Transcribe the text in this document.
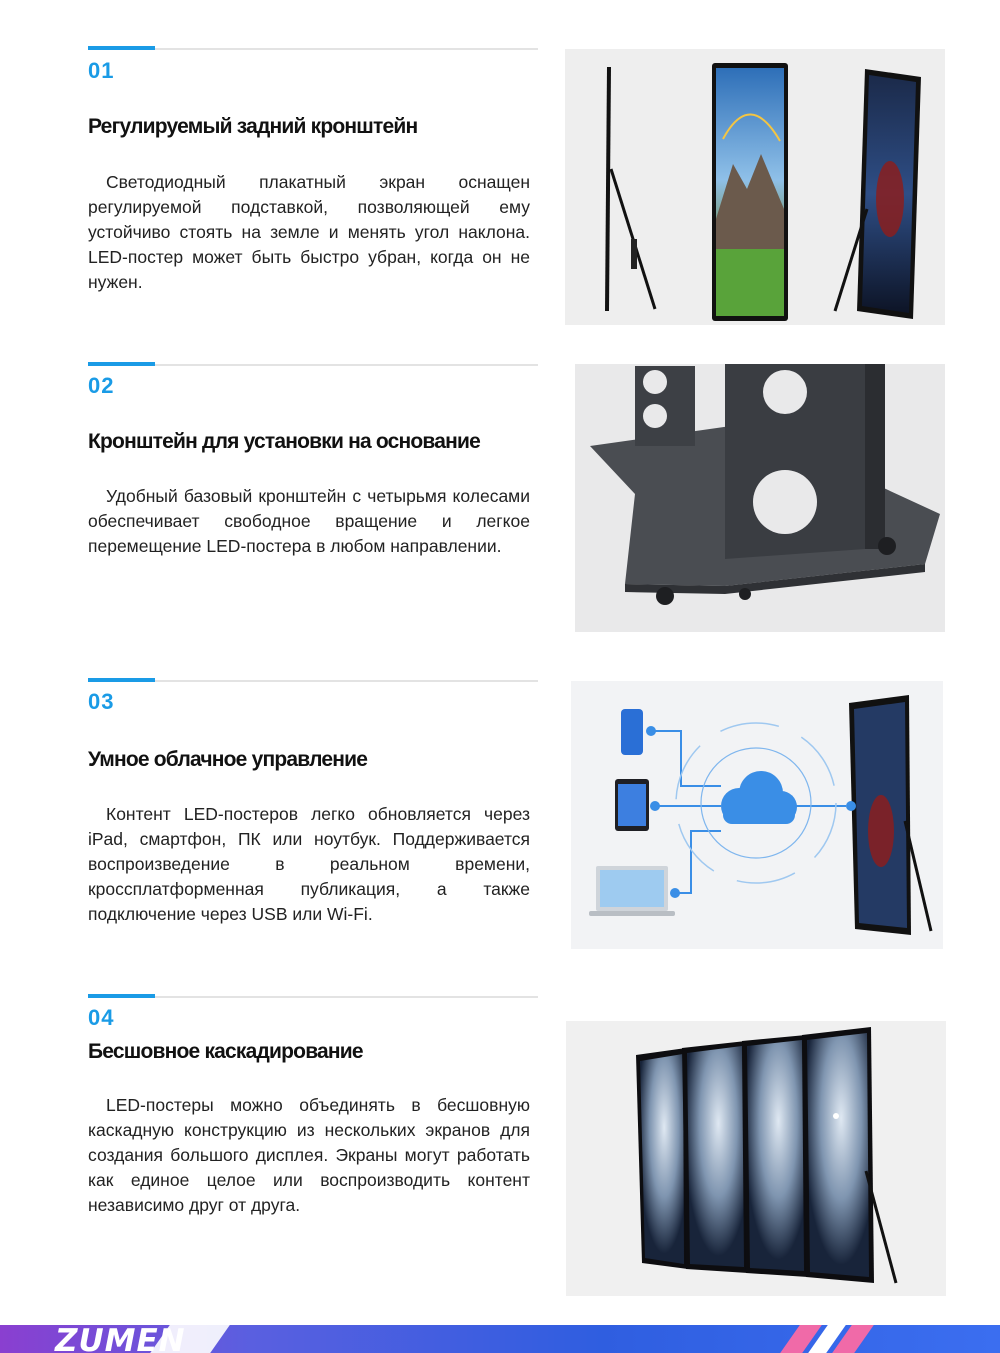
01
Регулируемый задний кронштейн

Светодиодный плакатный экран оснащен регулируемой подставкой, позволяющей ему устойчиво стоять на земле и менять угол наклона. LED-постер может быть быстро убран, когда он не нужен.

02
Кронштейн для установки на основание

Удобный базовый кронштейн с четырьмя колесами обеспечивает свободное вращение и легкое перемещение LED-постера в любом направлении.

03
Умное облачное управление

Контент LED-постеров легко обновляется через iPad, смартфон, ПК или ноутбук. Поддерживается воспроизведение в реальном времени, кроссплатформенная публикация, а также подключение через USB или Wi-Fi.

04
Бесшовное каскадирование

LED-постеры можно объединять в бесшовную каскадную конструкцию из нескольких экранов для создания большого дисплея. Экраны могут работать как единое целое или воспроизводить контент независимо друг от друга.

ZUMEN
